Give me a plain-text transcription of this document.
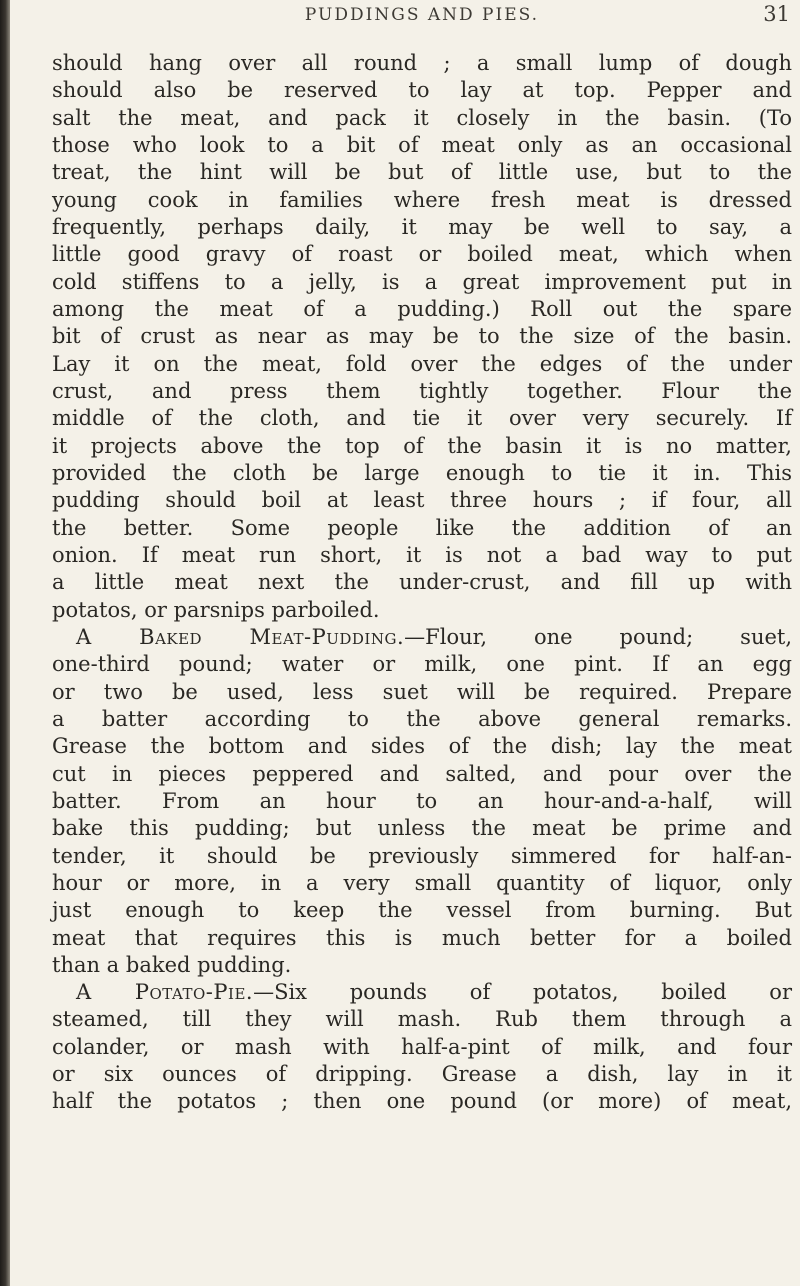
PUDDINGS AND PIES.	31
should hang over all round ; a small lump of dough
should also be reserved to lay at top. Pepper and
salt the meat, and pack it closely in the basin. (To
those who look to a bit of meat only as an occasional
treat, the hint will be but of little use, but to the
young cook in families where fresh meat is dressed
frequently, perhaps daily, it may be well to say, a
little good gravy of roast or boiled meat, which when
cold stiffens to a jelly, is a great improvement put in
among the meat of a pudding.) Roll out the spare
bit of crust as near as may be to the size of the basin.
Lay it on the meat, fold over the edges of the under
crust, and press them tightly together. Flour the
middle of the cloth, and tie it over very securely. If
it projects above the top of the basin it is no matter,
provided the cloth be large enough to tie it in. This
pudding should boil at least three hours ; if four, all
the better. Some people like the addition of an
onion. If meat run short, it is not a bad way to put
a little meat next the under-crust, and fill up with
potatos, or parsnips parboiled.
A Baked Meat-Pudding.—Flour, one pound; suet,
one-third pound; water or milk, one pint. If an egg
or two be used, less suet will be required. Prepare
a batter according to the above general remarks.
Grease the bottom and sides of the dish; lay the meat
cut in pieces peppered and salted, and pour over the
batter. From an hour to an hour-and-a-half, will
bake this pudding; but unless the meat be prime and
tender, it should be previously simmered for half-an-
hour or more, in a very small quantity of liquor, only
just enough to keep the vessel from burning. But
meat that requires this is much better for a boiled
than a baked pudding.
A Potato-Pie.—Six pounds of potatos, boiled or
steamed, till they will mash. Rub them through a
colander, or mash with half-a-pint of milk, and four
or six ounces of dripping. Grease a dish, lay in it
half the potatos ; then one pound (or more) of meat,
